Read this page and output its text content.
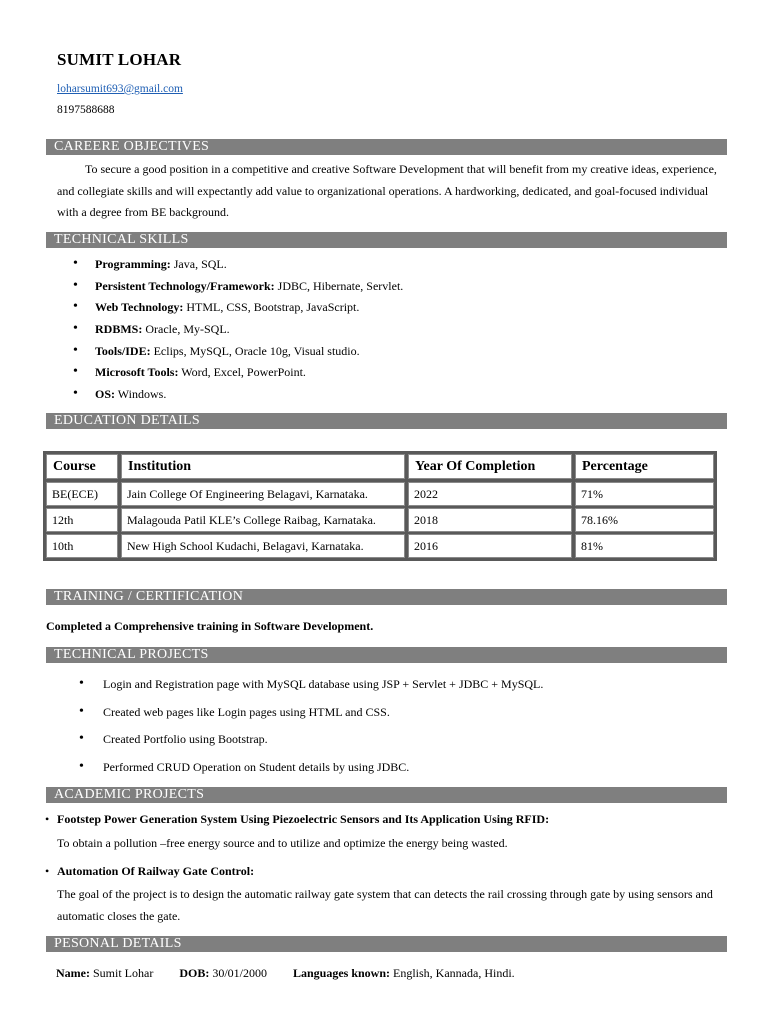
SUMIT LOHAR
loharsumit693@gmail.com
8197588688
CAREERE OBJECTIVES
To secure a good position in a competitive and creative Software Development that will benefit from my creative ideas, experience, and collegiate skills and will expectantly add value to organizational operations. A hardworking, dedicated, and goal-focused individual with a degree from BE background.
TECHNICAL SKILLS
• Programming: Java, SQL.
• Persistent Technology/Framework: JDBC, Hibernate, Servlet.
• Web Technology: HTML, CSS, Bootstrap, JavaScript.
• RDBMS: Oracle, My-SQL.
• Tools/IDE: Eclips, MySQL, Oracle 10g, Visual studio.
• Microsoft Tools: Word, Excel, PowerPoint.
• OS: Windows.
EDUCATION DETAILS
Course	Institution	Year Of Completion	Percentage
BE(ECE)	Jain College Of Engineering Belagavi, Karnataka.	2022	71%
12th	Malagouda Patil KLE’s College Raibag, Karnataka.	2018	78.16%
10th	New High School Kudachi, Belagavi, Karnataka.	2016	81%
TRAINING / CERTIFICATION
Completed a Comprehensive training in Software Development.
TECHNICAL PROJECTS
• Login and Registration page with MySQL database using JSP + Servlet + JDBC + MySQL.
• Created web pages like Login pages using HTML and CSS.
• Created Portfolio using Bootstrap.
• Performed CRUD Operation on Student details by using JDBC.
ACADEMIC PROJECTS
• Footstep Power Generation System Using Piezoelectric Sensors and Its Application Using RFID:
To obtain a pollution –free energy source and to utilize and optimize the energy being wasted.
• Automation Of Railway Gate Control:
The goal of the project is to design the automatic railway gate system that can detects the rail crossing through gate by using sensors and automatic closes the gate.
PESONAL DETAILS
Name: Sumit Lohar DOB: 30/01/2000 Languages known: English, Kannada, Hindi.
